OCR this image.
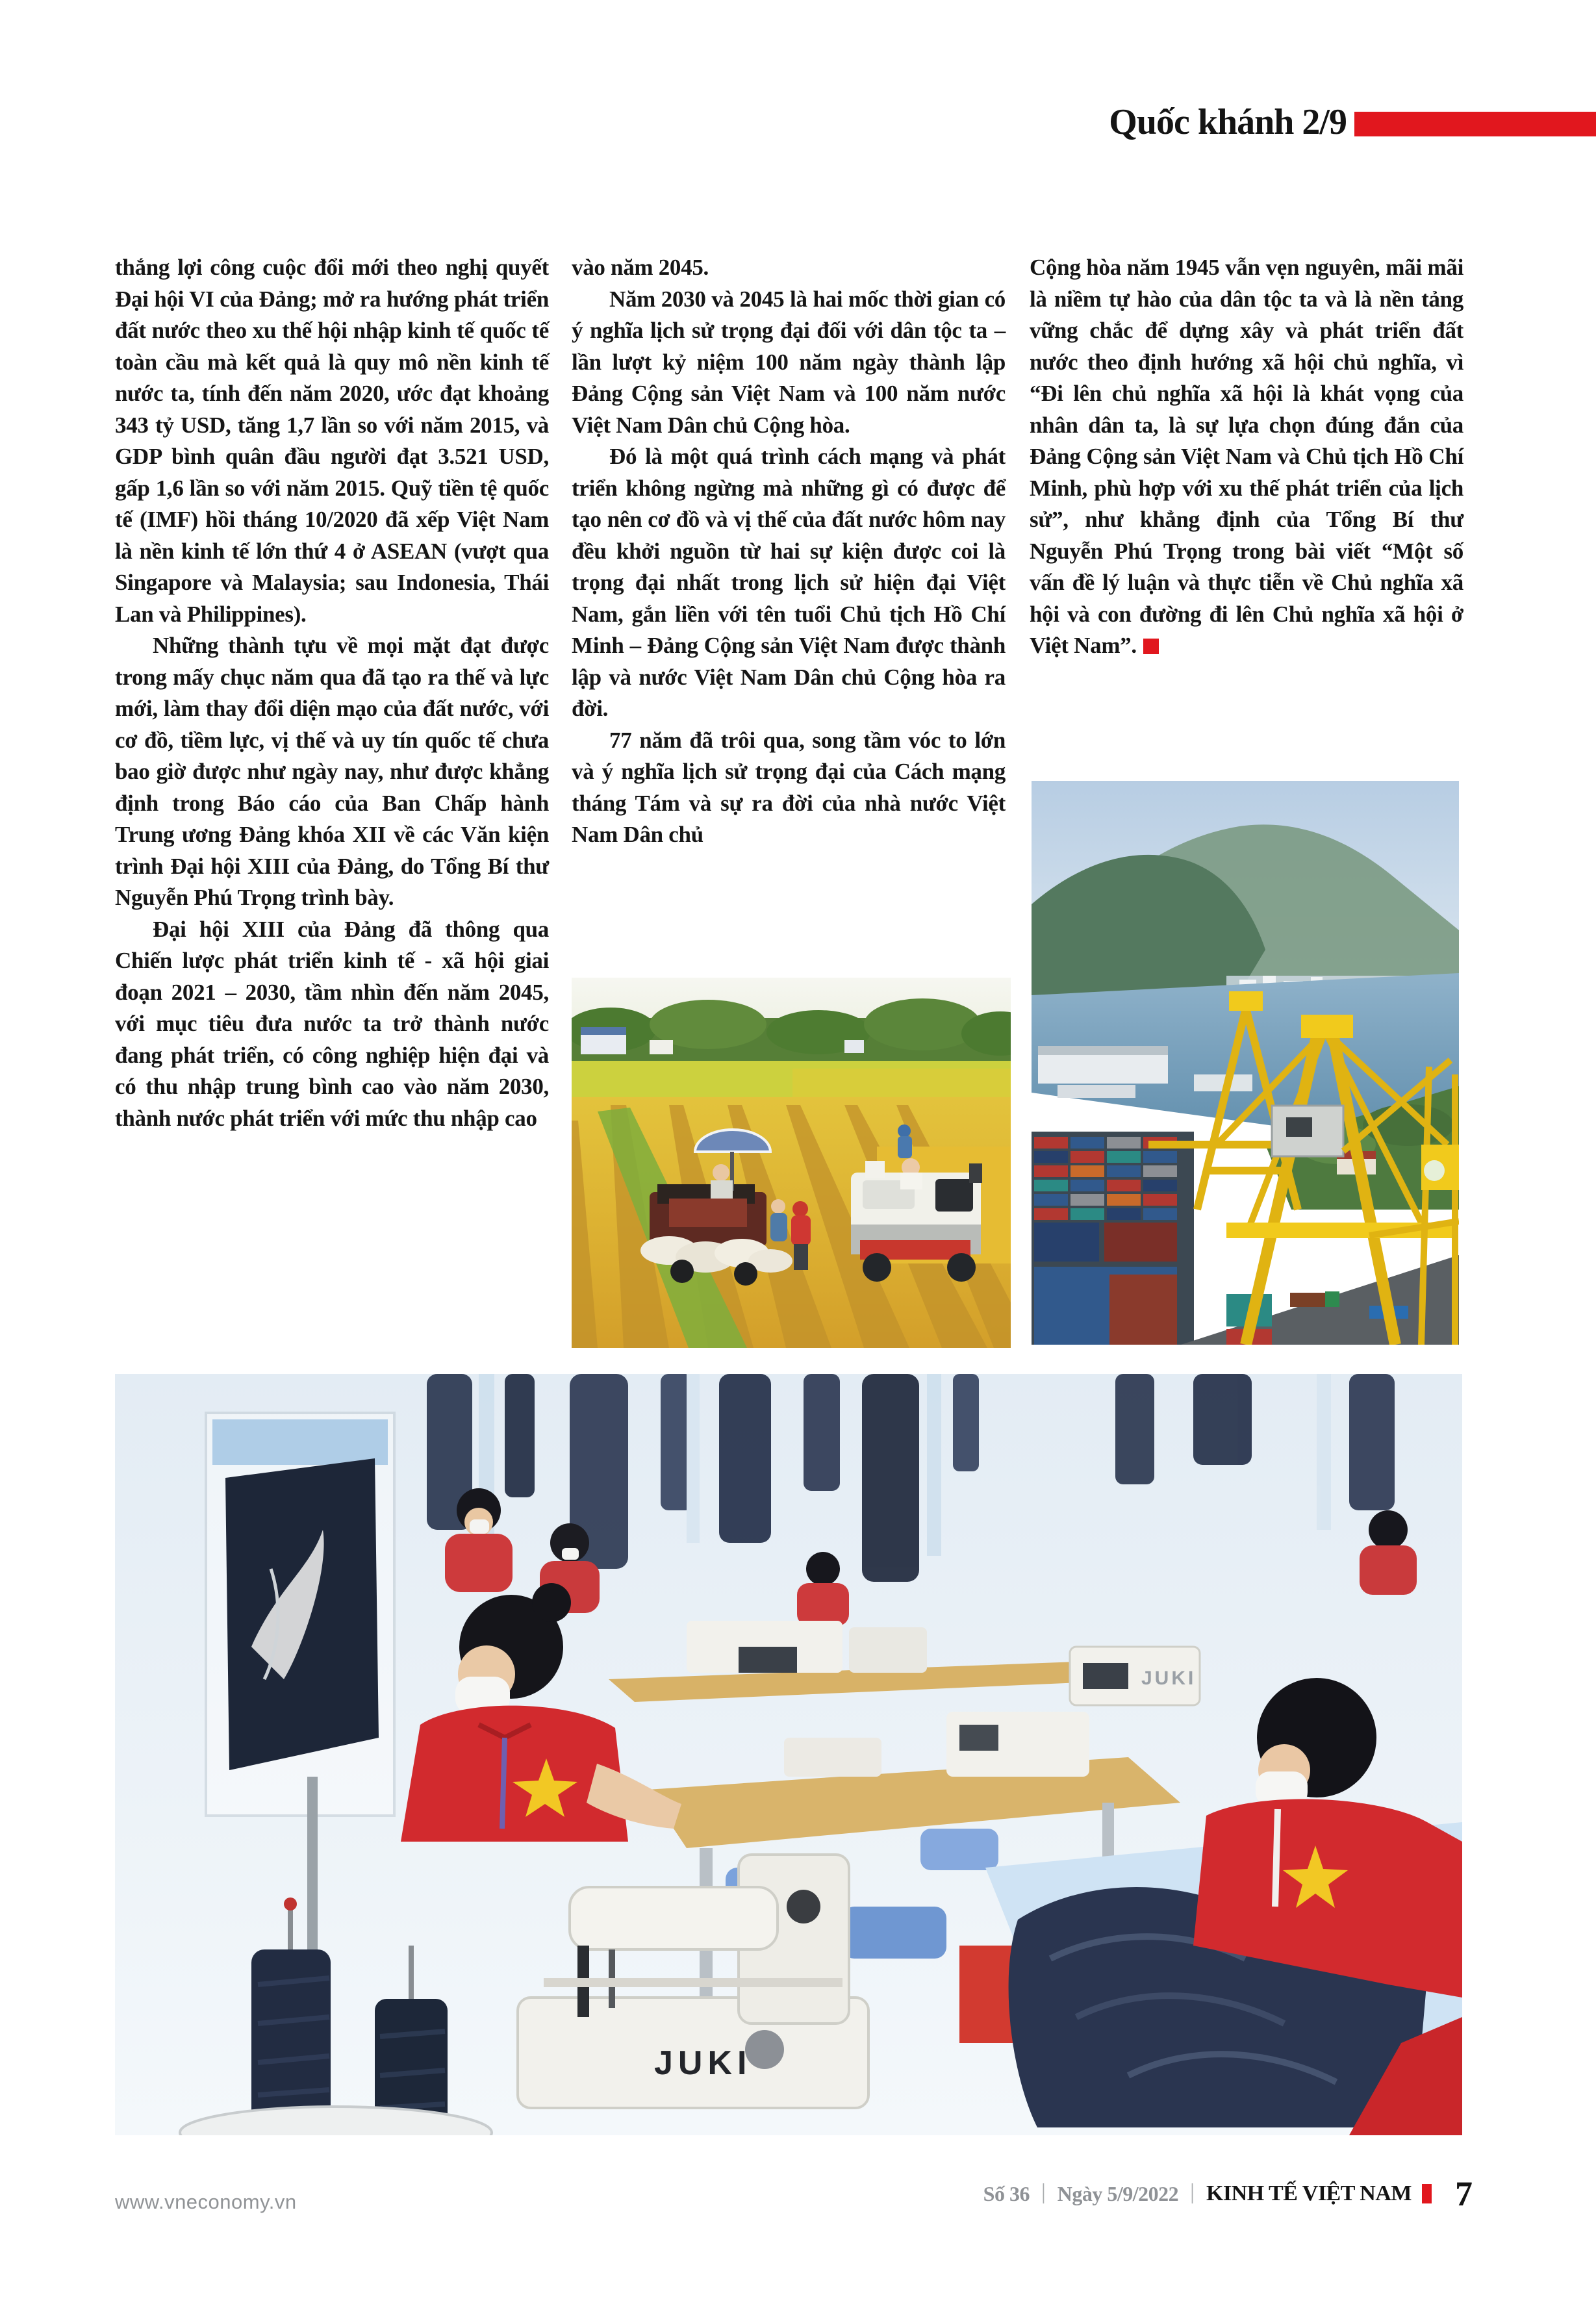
Quốc khánh 2/9

thắng lợi công cuộc đổi mới theo nghị quyết Đại hội VI của Đảng; mở ra hướng phát triển đất nước theo xu thế hội nhập kinh tế quốc tế toàn cầu mà kết quả là quy mô nền kinh tế nước ta, tính đến năm 2020, ước đạt khoảng 343 tỷ USD, tăng 1,7 lần so với năm 2015, và GDP bình quân đầu người đạt 3.521 USD, gấp 1,6 lần so với năm 2015. Quỹ tiền tệ quốc tế (IMF) hồi tháng 10/2020 đã xếp Việt Nam là nền kinh tế lớn thứ 4 ở ASEAN (vượt qua Singapore và Malaysia; sau Indonesia, Thái Lan và Philippines).

Những thành tựu về mọi mặt đạt được trong mấy chục năm qua đã tạo ra thế và lực mới, làm thay đổi diện mạo của đất nước, với cơ đồ, tiềm lực, vị thế và uy tín quốc tế chưa bao giờ được như ngày nay, như được khẳng định trong Báo cáo của Ban Chấp hành Trung ương Đảng khóa XII về các Văn kiện trình Đại hội XIII của Đảng, do Tổng Bí thư Nguyễn Phú Trọng trình bày.

Đại hội XIII của Đảng đã thông qua Chiến lược phát triển kinh tế - xã hội giai đoạn 2021 – 2030, tầm nhìn đến năm 2045, với mục tiêu đưa nước ta trở thành nước đang phát triển, có công nghiệp hiện đại và có thu nhập trung bình cao vào năm 2030, thành nước phát triển với mức thu nhập cao

vào năm 2045.

Năm 2030 và 2045 là hai mốc thời gian có ý nghĩa lịch sử trọng đại đối với dân tộc ta – lần lượt kỷ niệm 100 năm ngày thành lập Đảng Cộng sản Việt Nam và 100 năm nước Việt Nam Dân chủ Cộng hòa.

Đó là một quá trình cách mạng và phát triển không ngừng mà những gì có được để tạo nên cơ đồ và vị thế của đất nước hôm nay đều khởi nguồn từ hai sự kiện được coi là trọng đại nhất trong lịch sử hiện đại Việt Nam, gắn liền với tên tuổi Chủ tịch Hồ Chí Minh – Đảng Cộng sản Việt Nam được thành lập và nước Việt Nam Dân chủ Cộng hòa ra đời.

77 năm đã trôi qua, song tầm vóc to lớn và ý nghĩa lịch sử trọng đại của Cách mạng tháng Tám và sự ra đời của nhà nước Việt Nam Dân chủ

Cộng hòa năm 1945 vẫn vẹn nguyên, mãi mãi là niềm tự hào của dân tộc ta và là nền tảng vững chắc để dựng xây và phát triển đất nước theo định hướng xã hội chủ nghĩa, vì “Đi lên chủ nghĩa xã hội là khát vọng của nhân dân ta, là sự lựa chọn đúng đắn của Đảng Cộng sản Việt Nam và Chủ tịch Hồ Chí Minh, phù hợp với xu thế phát triển của lịch sử”, như khẳng định của Tổng Bí thư Nguyễn Phú Trọng trong bài viết “Một số vấn đề lý luận và thực tiễn về Chủ nghĩa xã hội và con đường đi lên Chủ nghĩa xã hội ở Việt Nam”.

JUKI
JUKI
www.vneconomy.vn	Số 36 | Ngày 5/9/2022 | KINH TẾ VIỆT NAM 7
